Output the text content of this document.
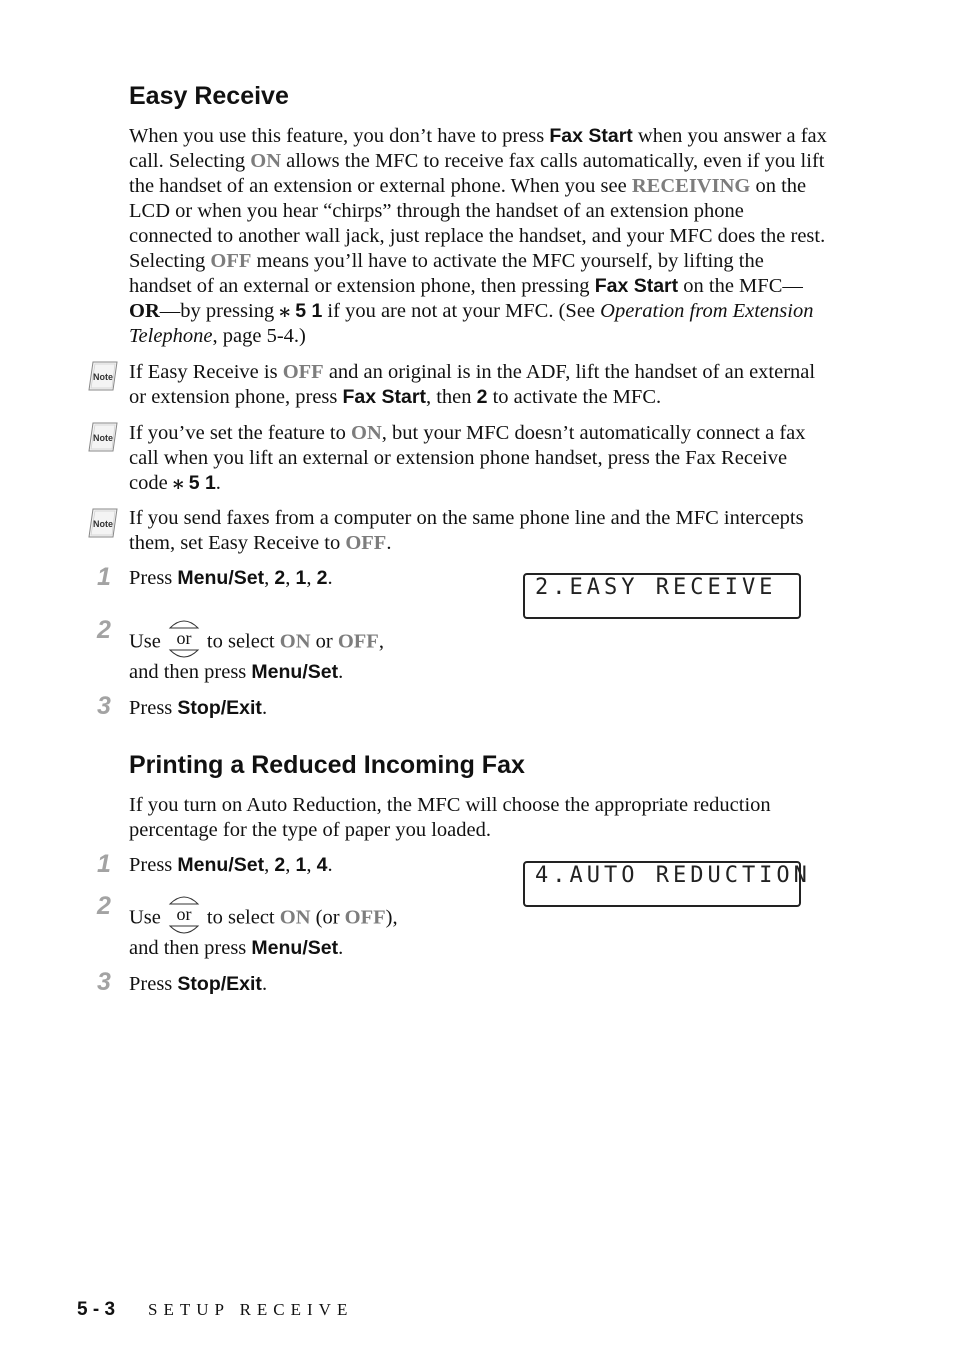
Easy Receive
When you use this feature, you don’t have to press Fax Start when you answer a fax call. Selecting ON allows the MFC to receive fax calls automatically, even if you lift the handset of an extension or external phone. When you see RECEIVING on the LCD or when you hear “chirps” through the handset of an extension phone connected to another wall jack, just replace the handset, and your MFC does the rest. Selecting OFF means you’ll have to activate the MFC yourself, by lifting the handset of an external or extension phone, then pressing Fax Start on the MFC—OR—by pressing ⁎ 5 1 if you are not at your MFC. (See Operation from Extension Telephone, page 5-4.)
Note If Easy Receive is OFF and an original is in the ADF, lift the handset of an external or extension phone, press Fax Start, then 2 to activate the MFC.
Note If you’ve set the feature to ON, but your MFC doesn’t automatically connect a fax call when you lift an external or extension phone handset, press the Fax Receive code ⁎ 5 1.
Note If you send faxes from a computer on the same phone line and the MFC intercepts them, set Easy Receive to OFF.
1 Press Menu/Set, 2, 1, 2.	2.EASY RECEIVE
2 Use or to select ON or OFF,
and then press Menu/Set.
3 Press Stop/Exit.
Printing a Reduced Incoming Fax
If you turn on Auto Reduction, the MFC will choose the appropriate reduction percentage for the type of paper you loaded.
1 Press Menu/Set, 2, 1, 4.	4.AUTO REDUCTION
2 Use or to select ON (or OFF),
and then press Menu/Set.
3 Press Stop/Exit.
5 - 3 SETUP RECEIVE
